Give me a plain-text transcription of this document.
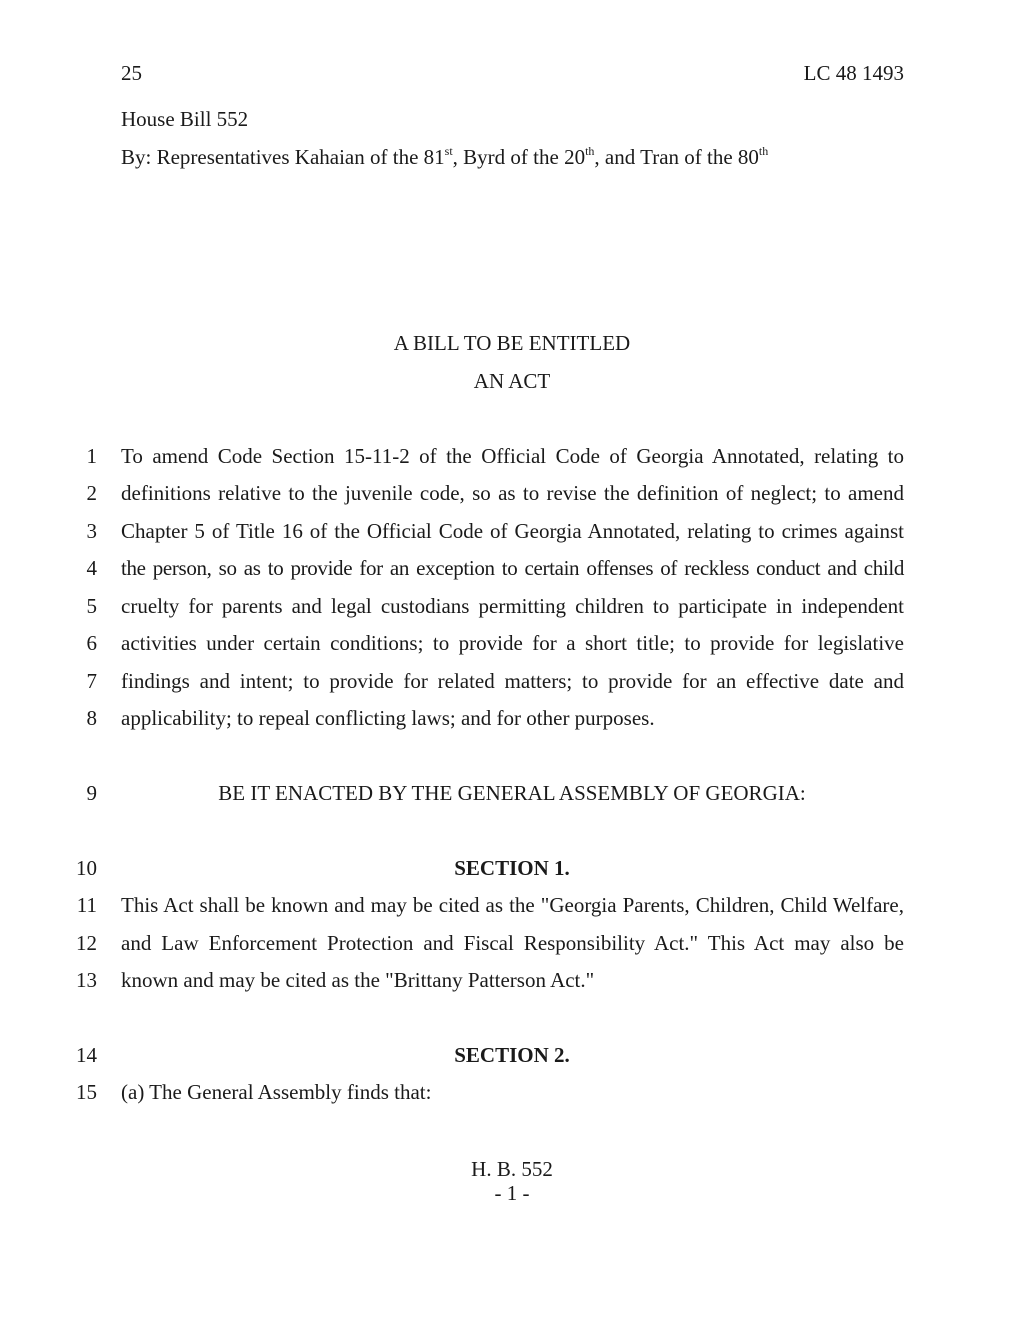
25	LC 48 1493
House Bill 552
By: Representatives Kahaian of the 81st, Byrd of the 20th, and Tran of the 80th
A BILL TO BE ENTITLED
AN ACT
1 To amend Code Section 15-11-2 of the Official Code of Georgia Annotated, relating to
2 definitions relative to the juvenile code, so as to revise the definition of neglect; to amend
3 Chapter 5 of Title 16 of the Official Code of Georgia Annotated, relating to crimes against
4 the person, so as to provide for an exception to certain offenses of reckless conduct and child
5 cruelty for parents and legal custodians permitting children to participate in independent
6 activities under certain conditions; to provide for a short title; to provide for legislative
7 findings and intent; to provide for related matters; to provide for an effective date and
8 applicability; to repeal conflicting laws; and for other purposes.
9	BE IT ENACTED BY THE GENERAL ASSEMBLY OF GEORGIA:
10	SECTION 1.
11 This Act shall be known and may be cited as the "Georgia Parents, Children, Child Welfare,
12 and Law Enforcement Protection and Fiscal Responsibility Act." This Act may also be
13 known and may be cited as the "Brittany Patterson Act."
14	SECTION 2.
15 (a) The General Assembly finds that:
H. B. 552
- 1 -
